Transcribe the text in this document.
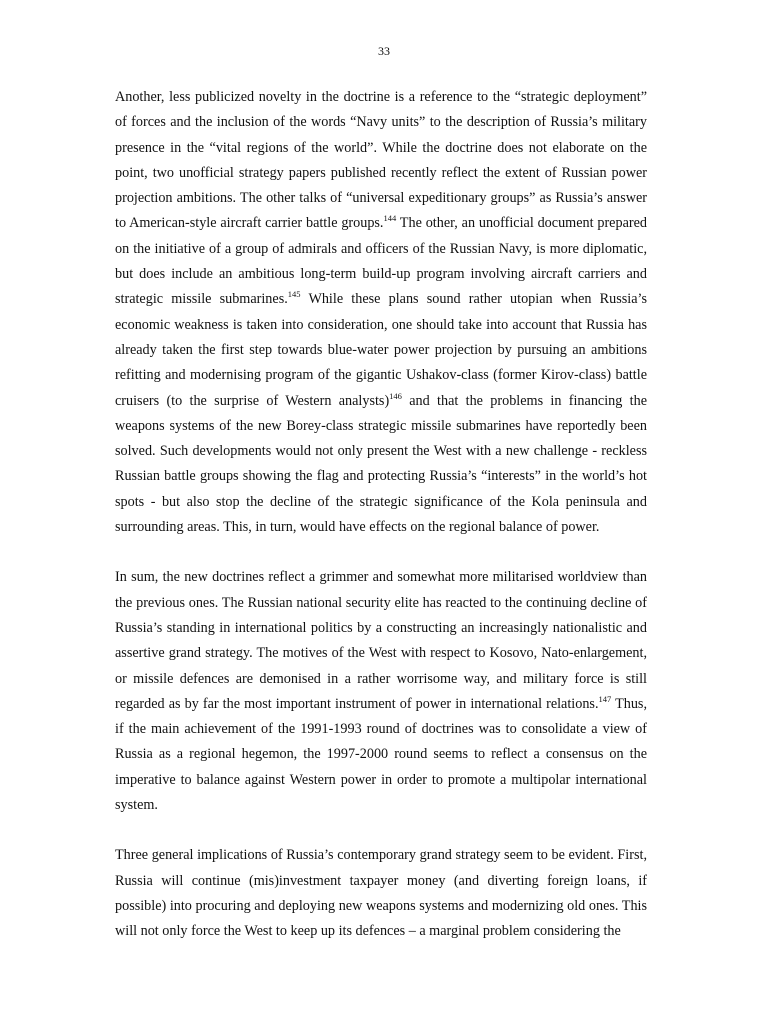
33

Another, less publicized novelty in the doctrine is a reference to the “strategic deployment” of forces and the inclusion of the words “Navy units” to the description of Russia’s military presence in the “vital regions of the world”. While the doctrine does not elaborate on the point, two unofficial strategy papers published recently reflect the extent of Russian power projection ambitions. The other talks of “universal expeditionary groups” as Russia’s answer to American-style aircraft carrier battle groups.$^{144}$ The other, an unofficial document prepared on the initiative of a group of admirals and officers of the Russian Navy, is more diplomatic, but does include an ambitious long-term build-up program involving aircraft carriers and strategic missile submarines.$^{145}$ While these plans sound rather utopian when Russia’s economic weakness is taken into consideration, one should take into account that Russia has already taken the first step towards blue-water power projection by pursuing an ambitions refitting and modernising program of the gigantic Ushakov-class (former Kirov-class) battle cruisers (to the surprise of Western analysts)$^{146}$ and that the problems in financing the weapons systems of the new Borey-class strategic missile submarines have reportedly been solved. Such developments would not only present the West with a new challenge - reckless Russian battle groups showing the flag and protecting Russia’s “interests” in the world’s hot spots - but also stop the decline of the strategic significance of the Kola peninsula and surrounding areas. This, in turn, would have effects on the regional balance of power.

In sum, the new doctrines reflect a grimmer and somewhat more militarised worldview than the previous ones. The Russian national security elite has reacted to the continuing decline of Russia’s standing in international politics by a constructing an increasingly nationalistic and assertive grand strategy. The motives of the West with respect to Kosovo, Nato-enlargement, or missile defences are demonised in a rather worrisome way, and military force is still regarded as by far the most important instrument of power in international relations.$^{147}$ Thus, if the main achievement of the 1991-1993 round of doctrines was to consolidate a view of Russia as a regional hegemon, the 1997-2000 round seems to reflect a consensus on the imperative to balance against Western power in order to promote a multipolar international system.

Three general implications of Russia’s contemporary grand strategy seem to be evident. First, Russia will continue (mis)investment taxpayer money (and diverting foreign loans, if possible) into procuring and deploying new weapons systems and modernizing old ones. This will not only force the West to keep up its defences – a marginal problem considering the
